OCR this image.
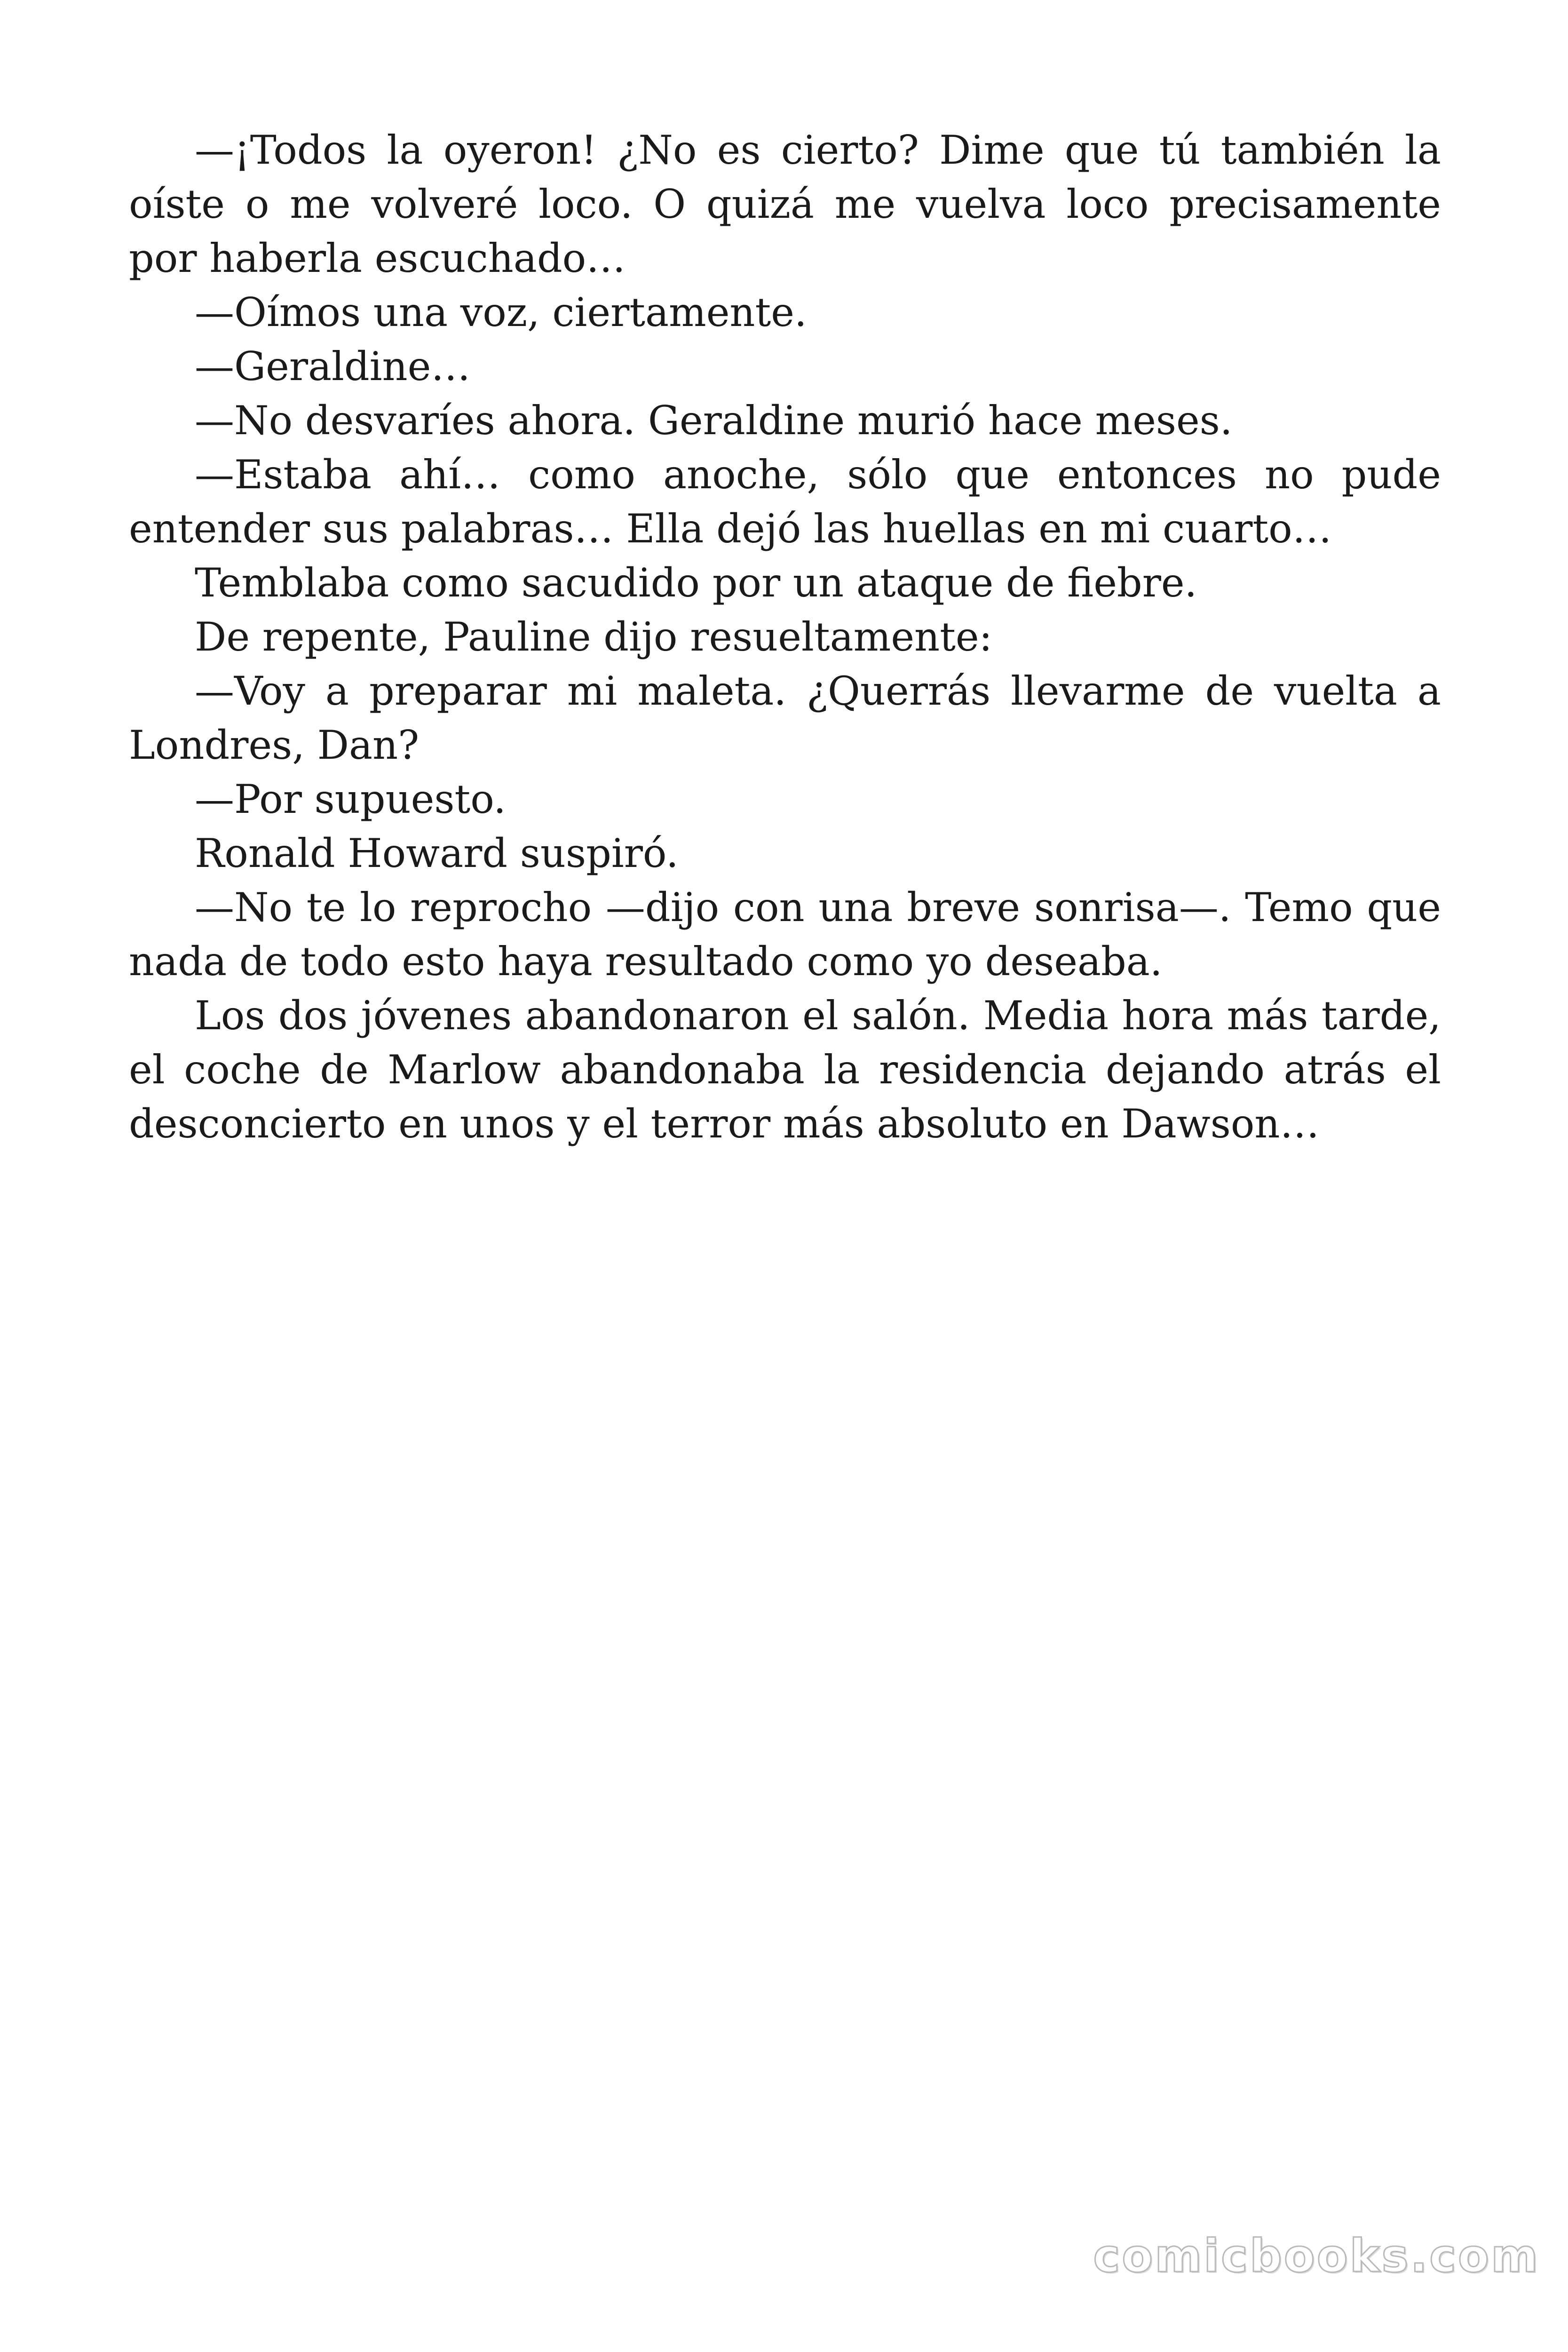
—¡Todos la oyeron! ¿No es cierto? Dime que tú también la oíste o me volveré loco. O quizá me vuelva loco precisamente por haberla escuchado…

—Oímos una voz, ciertamente.

—Geraldine…

—No desvaríes ahora. Geraldine murió hace meses.

—Estaba ahí… como anoche, sólo que entonces no pude entender sus palabras… Ella dejó las huellas en mi cuarto…

Temblaba como sacudido por un ataque de fiebre.

De repente, Pauline dijo resueltamente:

—Voy a preparar mi maleta. ¿Querrás llevarme de vuelta a Londres, Dan?

—Por supuesto.

Ronald Howard suspiró.

—No te lo reprocho —dijo con una breve sonrisa—. Temo que nada de todo esto haya resultado como yo deseaba.

Los dos jóvenes abandonaron el salón. Media hora más tarde, el coche de Marlow abandonaba la residencia dejando atrás el desconcierto en unos y el terror más absoluto en Dawson…

comicbooks.com
